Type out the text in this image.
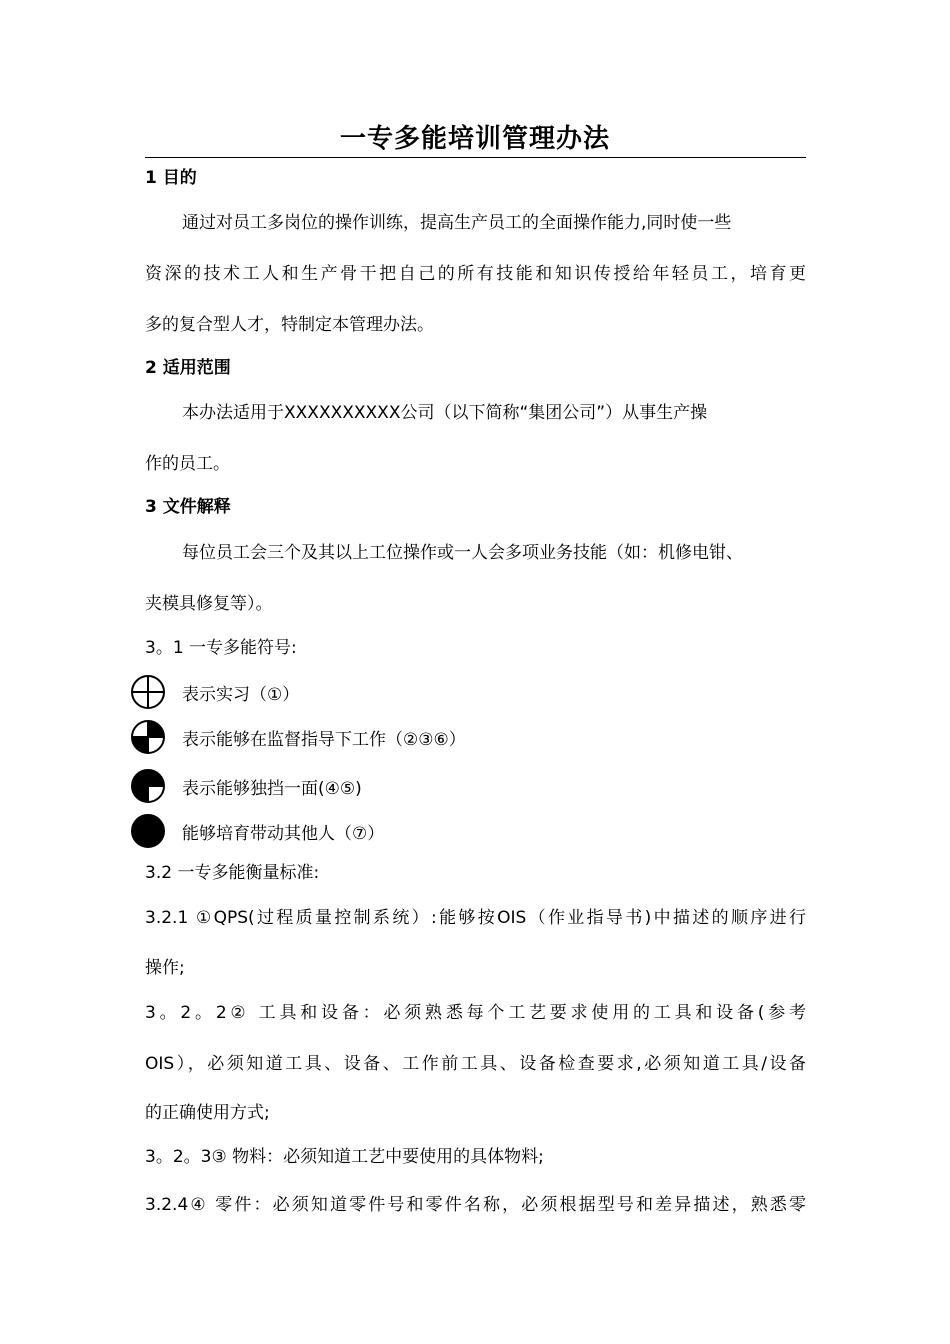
一专多能培训管理办法
1 目的
通过对员工多岗位的操作训练，提高生产员工的全面操作能力,同时使一些
资深的技术工人和生产骨干把自己的所有技能和知识传授给年轻员工，培育更
多的复合型人才，特制定本管理办法。
2 适用范围
本办法适用于XXXXXXXXXX公司（以下简称“集团公司”）从事生产操
作的员工。
3 文件解释
每位员工会三个及其以上工位操作或一人会多项业务技能（如：机修电钳、
夹模具修复等）。
3。1 一专多能符号:
表示实习（①）
表示能够在监督指导下工作（②③⑥）
表示能够独挡一面(④⑤)
能够培育带动其他人（⑦）
3.2 一专多能衡量标准:
3.2.1 ①QPS(过程质量控制系统）:能够按OIS（作业指导书)中描述的顺序进行
操作;
3。2。2② 工具和设备：必须熟悉每个工艺要求使用的工具和设备(参考
OIS），必须知道工具、设备、工作前工具、设备检查要求,必须知道工具/设备
的正确使用方式;
3。2。3③ 物料：必须知道工艺中要使用的具体物料;
3.2.4④ 零件：必须知道零件号和零件名称，必须根据型号和差异描述，熟悉零
